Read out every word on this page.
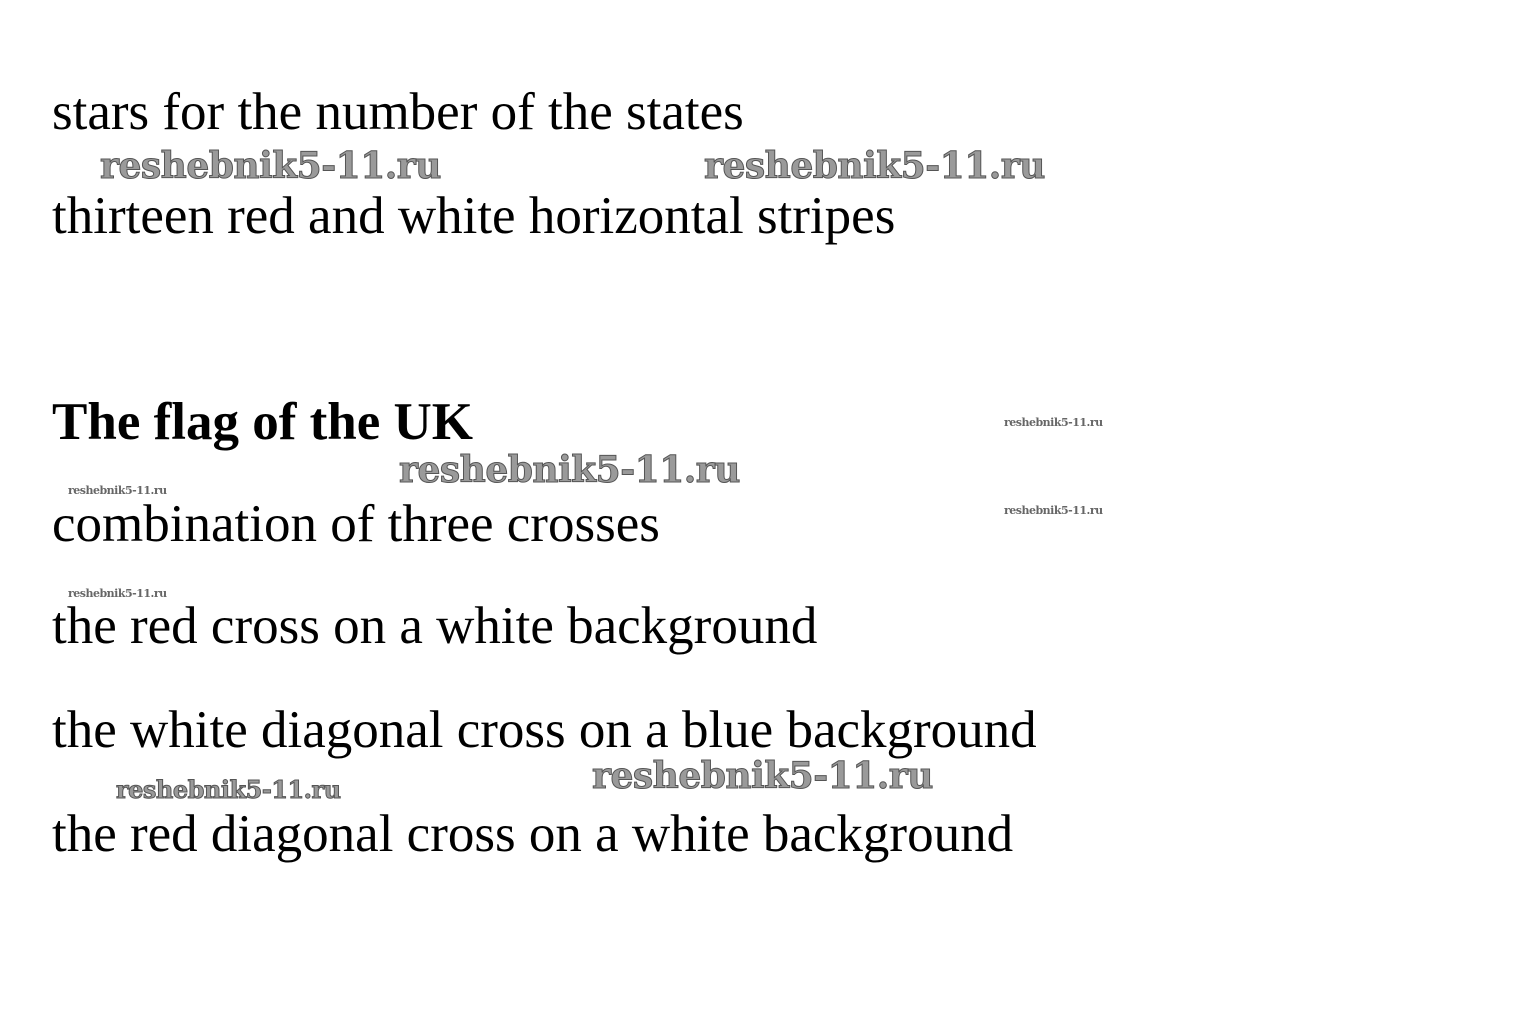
stars for the number of the states

reshebnik5-11.ru	reshebnik5-11.ru

thirteen red and white horizontal stripes

The flag of the UK	reshebnik5-11.ru
reshebnik5-11.ru
reshebnik5-11.ru
reshebnik5-11.ru

combination of three crosses

reshebnik5-11.ru

the red cross on a white background

the white diagonal cross on a blue background

reshebnik5-11.ru
reshebnik5-11.ru

the red diagonal cross on a white background
